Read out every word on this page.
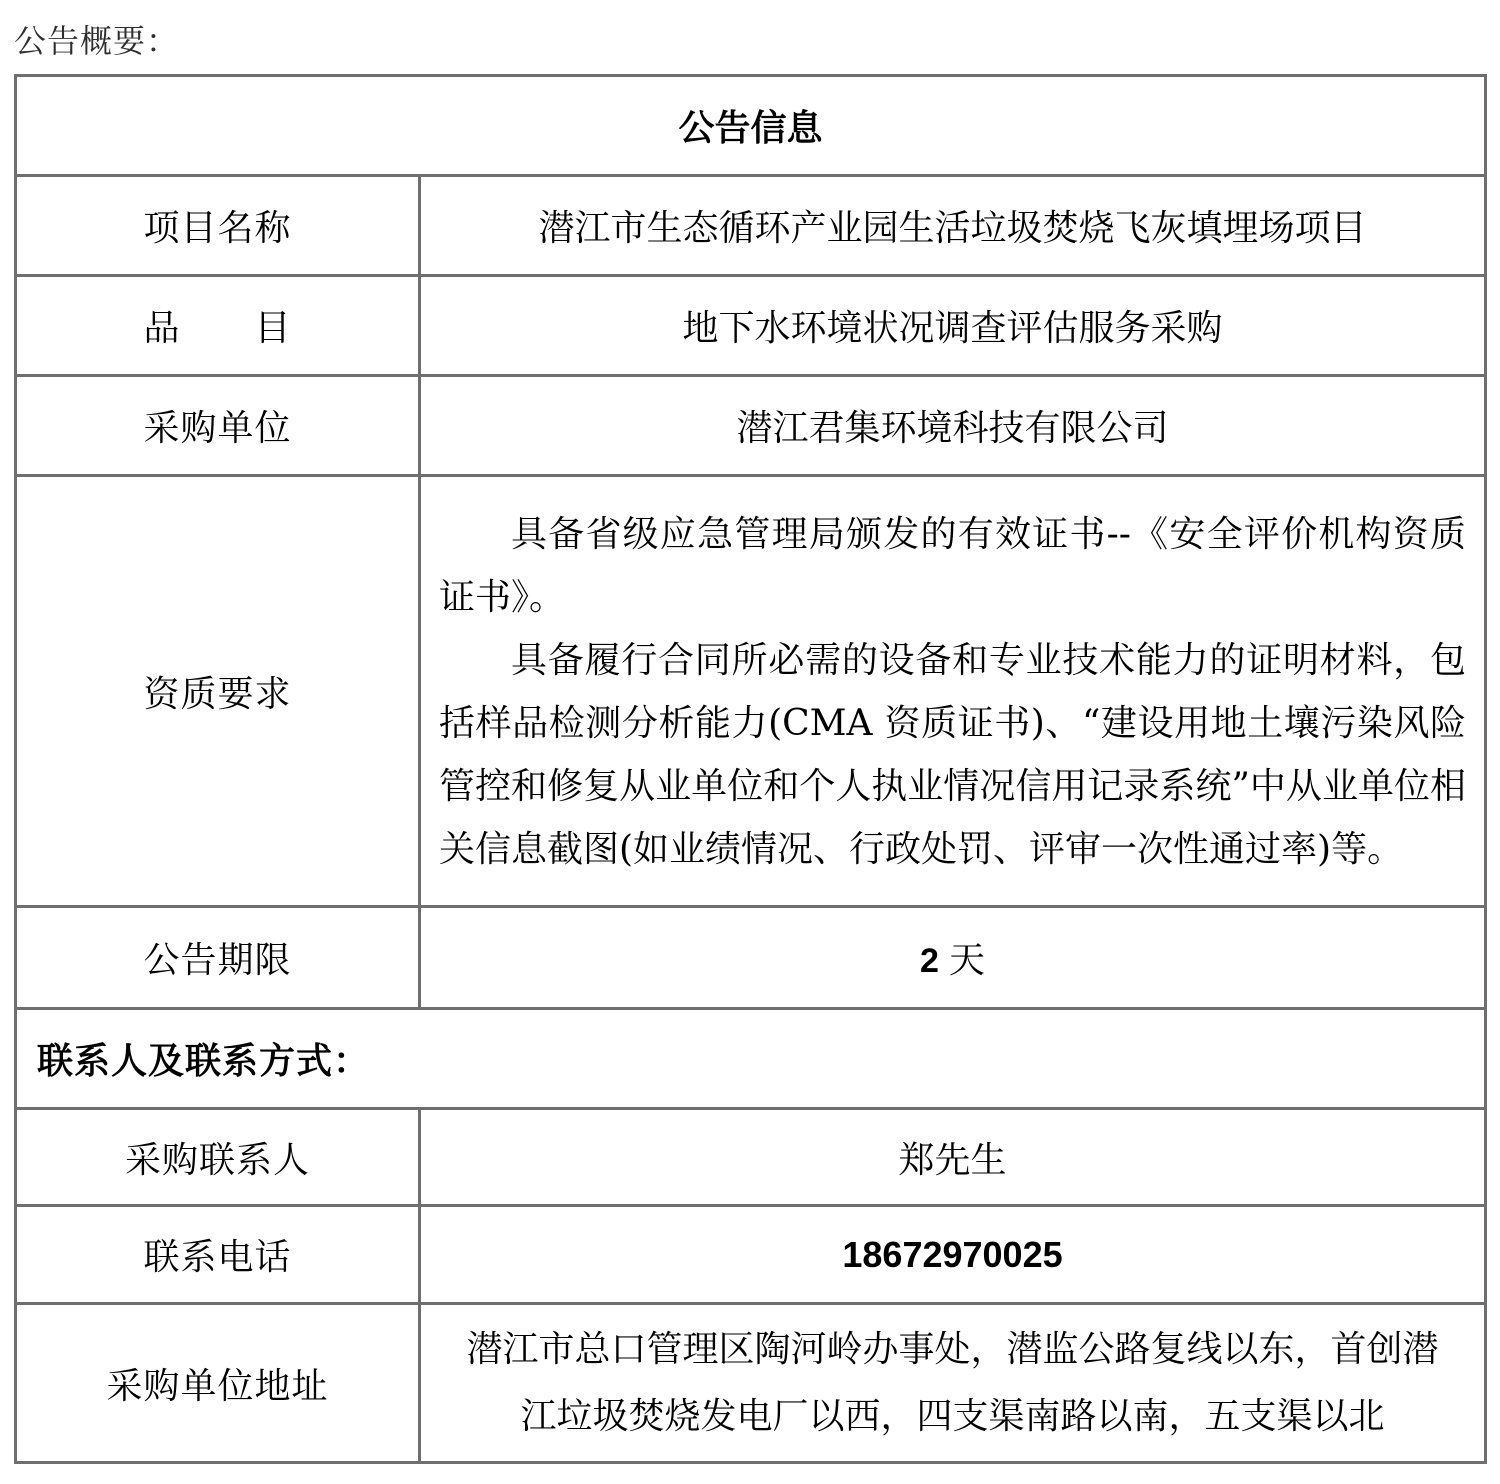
公告概要：
公告信息	
项目名称	潜江市生态循环产业园生活垃圾焚烧飞灰填埋场项目
品　　目	地下水环境状况调查评估服务采购
采购单位	潜江君集环境科技有限公司
资质要求	具备省级应急管理局颁发的有效证书--《安全评价机构资质证书》。

具备履行合同所必需的设备和专业技术能力的证明材料，包括样品检测分析能力(CMA 资质证书)、“建设用地土壤污染风险管控和修复从业单位和个人执业情况信用记录系统”中从业单位相关信息截图(如业绩情况、行政处罚、评审一次性通过率)等。

公告期限	2 天
联系人及联系方式：	
采购联系人	郑先生
联系电话	18672970025
采购单位地址	潜江市总口管理区陶河岭办事处，潜监公路复线以东，首创潜江垃圾焚烧发电厂以西，四支渠南路以南，五支渠以北
